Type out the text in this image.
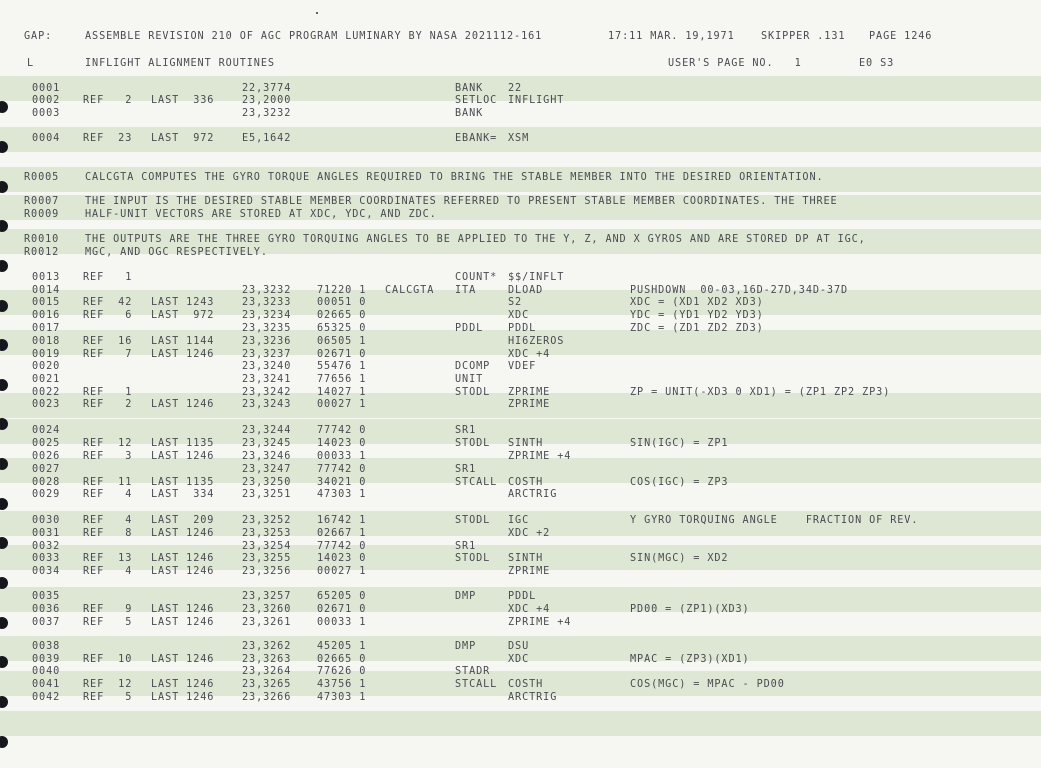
GAP:	ASSEMBLE REVISION 210 OF AGC PROGRAM LUMINARY BY NASA 2021112-161	17:11 MAR. 19,1971	SKIPPER .131 PAGE 1246
L	INFLIGHT ALIGNMENT ROUTINES	USER'S PAGE NO.   1	E0 S3
0001	22,3774	BANK 22
0002 REF   2 LAST  336	23,2000	SETLOC INFLIGHT
0003	23,3232	BANK
0004 REF  23 LAST  972	E5,1642	EBANK= XSM
0013 REF   1	COUNT* $$/INFLT
0014	23,3232	71220 1 CALCGTA ITA	DLOAD	PUSHDOWN  00-03,16D-27D,34D-37D
0015 REF  42 LAST 1243	23,3233	00051 0	S2	XDC = (XD1 XD2 XD3)
0016 REF   6 LAST  972	23,3234	02665 0	XDC	YDC = (YD1 YD2 YD3)
0017	23,3235	65325 0	PDDL PDDL	ZDC = (ZD1 ZD2 ZD3)
0018 REF  16 LAST 1144	23,3236	06505 1	HI6ZEROS
0019 REF   7 LAST 1246	23,3237	02671 0	XDC +4
0020	23,3240	55476 1	DCOMP VDEF
0021	23,3241	77656 1	UNIT
0022 REF   1	23,3242	14027 1	STODL ZPRIME	ZP = UNIT(-XD3 0 XD1) = (ZP1 ZP2 ZP3)
0023 REF   2 LAST 1246	23,3243	00027 1	ZPRIME
0024	23,3244	77742 0	SR1
0025 REF  12 LAST 1135	23,3245	14023 0	STODL SINTH	SIN(IGC) = ZP1
0026 REF   3 LAST 1246	23,3246	00033 1	ZPRIME +4
0027	23,3247	77742 0	SR1
0028 REF  11 LAST 1135	23,3250	34021 0	STCALL COSTH	COS(IGC) = ZP3
0029 REF   4 LAST  334	23,3251	47303 1	ARCTRIG
0030 REF   4 LAST  209	23,3252	16742 1	STODL IGC	Y GYRO TORQUING ANGLE    FRACTION OF REV.
0031 REF   8 LAST 1246	23,3253	02667 1	XDC +2
0032	23,3254	77742 0	SR1
0033 REF  13 LAST 1246	23,3255	14023 0	STODL SINTH	SIN(MGC) = XD2
0034 REF   4 LAST 1246	23,3256	00027 1	ZPRIME
0035	23,3257	65205 0	DMP	PDDL
0036 REF   9 LAST 1246	23,3260	02671 0	XDC +4	PD00 = (ZP1)(XD3)
0037 REF   5 LAST 1246	23,3261	00033 1	ZPRIME +4
0038	23,3262	45205 1	DMP	DSU
0039 REF  10 LAST 1246	23,3263	02665 0	XDC	MPAC = (ZP3)(XD1)
0040	23,3264	77626 0	STADR
0041 REF  12 LAST 1246	23,3265	43756 1	STCALL COSTH	COS(MGC) = MPAC - PD00
0042 REF   5 LAST 1246	23,3266	47303 1	ARCTRIG
R0005	CALCGTA COMPUTES THE GYRO TORQUE ANGLES REQUIRED TO BRING THE STABLE MEMBER INTO THE DESIRED ORIENTATION.
R0007	THE INPUT IS THE DESIRED STABLE MEMBER COORDINATES REFERRED TO PRESENT STABLE MEMBER COORDINATES. THE THREE
R0009	HALF-UNIT VECTORS ARE STORED AT XDC, YDC, AND ZDC.
R0010	THE OUTPUTS ARE THE THREE GYRO TORQUING ANGLES TO BE APPLIED TO THE Y, Z, AND X GYROS AND ARE STORED DP AT IGC,
R0012	MGC, AND OGC RESPECTIVELY.
